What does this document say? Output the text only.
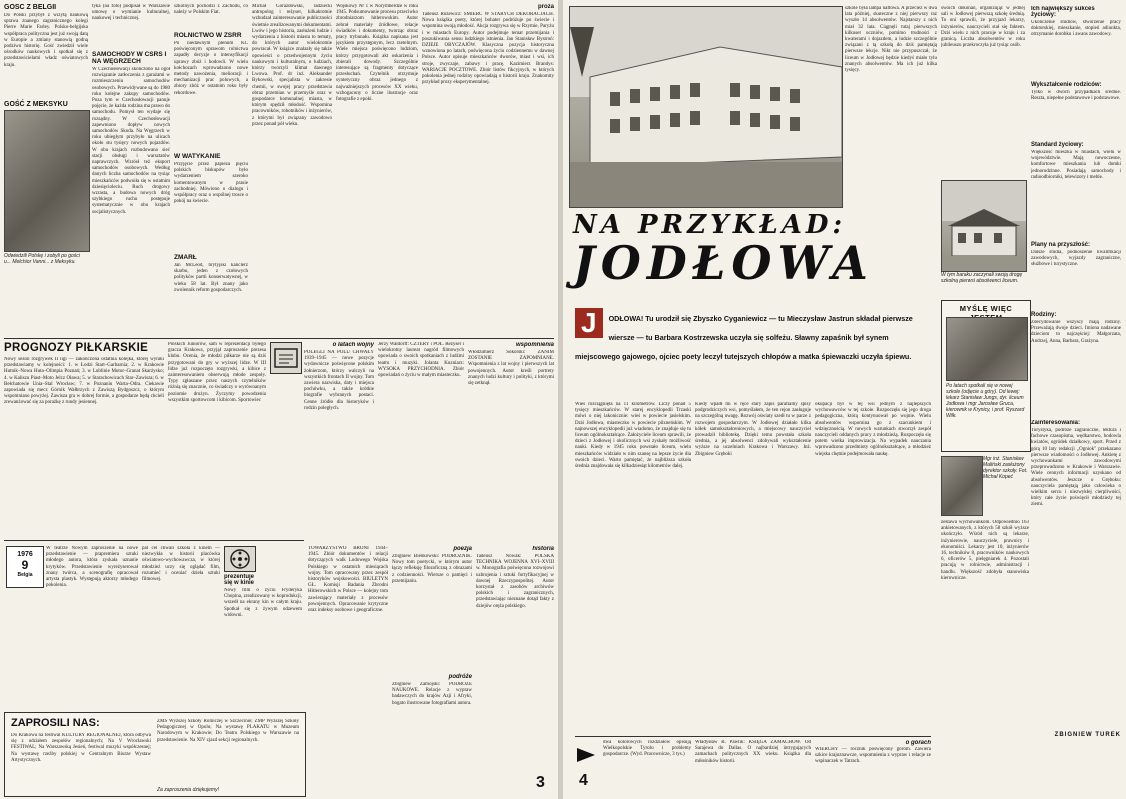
GOŚĆ Z BELGII
Do Polski przybył z wizytą naukową sprawa znanego zagranicznego kolegi Pierre Marie Farley. Polsko-belgijska współpraca polityczna jest już swoją datą w Europie a zmiany stanowią godną podziwu historię. Gość zwiedził wiele ośrodków naukowych i spotkał się z przedstawicielami władz oświatowych kraju.
GOŚĆ Z MEKSYKU
Odwiedzili Polskę i zobyli po gości u... Melchior Vanni... z Meksyku.
tyka (na foto) podpisał w Warszawie umowę o wymianie kulturalnej, naukowej i technicznej.
SAMOCHODY W CSRS I NA WĘGRZECH
W Czechosłowacji skończono na ogół rozwiązanie zatłoczenia z garażami w rozmieszczeniu samochodów osobowych. Przewidywane są do 1980 roku kolejne zakupy samochodów. Poza tym w Czechosłowacji panuje pojęcie, że każda rodzina ma prawo do samochodu. Pomysł ten wydaje się rozsądny. W Czechosłowacji zapewniono dopływ nowych samochodów Skoda. Na Węgrzech w roku ubiegłym przybyło na ulicach około stu tysięcy nowych pojazdów. W obu krajach rozbudowano sieć stacji obsługi i warsztatów naprawczych. Wzrósł też eksport samochodów osobowych. Według danych liczba samochodów na tysiąc mieszkańców podwoiła się w ostatnim dziesięcioleciu. Ruch drogowy wzrasta, a budowa nowych dróg szybkiego ruchu postępuje systematycznie w obu krajach socjalistycznych.
szkolnych pochodzi z Zachodu, co należy w Polskim Fiat.
ROLNICTWO W ZSRR
Po niedawnym plenum KC poświęconym sprawom rolnictwa zapadły decyzje o intensyfikacji uprawy zbóż i hodowli. W wielu kołchozach wprowadzono nowe metody nawożenia, melioracji i mechanizacji prac polowych, a zbiory zbóż w ostatnim roku były rekordowe.
W WATYKANIE
Przyjęcie przez papieża pięciu polskich biskupów było wydarzeniem szeroko komentowanym w prasie zachodniej. Mówiono o dialogu i współpracy oraz o wspólnej trosce o pokój na świecie.
ZMARŁ
Jan McLeod, brytyjski kanclerz skarbu, jeden z czołowych polityków partii konserwatywnej, w wieku 58 lat. Był znany jako zwolennik reform gospodarczych.
Michał Gorazdowski, radziecki antropolog i reżyser, kilkakrotnie wzbudzał zainteresowanie publiczności świetnie zrealizowanymi dokumentami. Lwów i jego historia, zasłużeni ludzie i wydarzenia z historii miasta to tematy, do których autor wielokrotnie powracał. W książce znalazły się także opowieści o przedwojennym życiu naukowym i kulturalnym, o ludziach, którzy tworzyli klimat dawnego Lwowa. Prof. dr inż. Aleksander Bykowski, specjalista w zakresie chemii, w swojej pracy przedstawia obraz przemian w przemyśle oraz w gospodarce komunalnej miasta, w którym spędził młodość. Wspomina pracowników, robotników i inżynierów, z którymi był związany zawodowo przez ponad pół wieku.
Wojskowy Nr 1 w Norymberdze w roku 1945. Podsumowanie procesu przeciwko zbrodniarzom hitlerowskim. Autor zebrał materiały źródłowe, relacje świadków i dokumenty, tworząc obraz pracy trybunału. Książka napisana jest językiem przystępnym, lecz rzetelnym. Wiele miejsca poświęcono ludziom, którzy przygotowali akt oskarżenia i zbierali dowody. Szczególnie interesujące są fragmenty dotyczące przesłuchań. Czytelnik otrzymuje syntetyczny obraz jednego z najważniejszych procesów XX wieku, wzbogacony o liczne ilustracje oraz fotografie z epoki.
proza
Tadeusz Różewicz: ŚMIERĆ W STARYCH DEKORACJACH. Nowa książka poety, której bohater podróżuje po świecie i wspomina swoją młodość. Akcja rozgrywa się w Rzymie, Paryżu i w miastach Europy. Autor podejmuje temat przemijania i poszukiwania sensu ludzkiego istnienia. Jan Stanisław Bystroń: DZIEJE OBYCZAJÓW. Klasyczna pozycja historyczna wznowiona po latach, poświęcona życiu codziennemu w dawnej Polsce. Autor opisuje mieszkańców dworów, miast i wsi, ich stroje, zwyczaje, zabawy i pracę. Kazimierz Brandys: WARIACJE POCZTOWE. Zbiór listów fikcyjnych, w których pokolenia jednej rodziny opowiadają o historii kraju. Znakomity przykład prozy eksperymentalnej.
PROGNOZY PIŁKARSKIE
Nowy sezon rozgrywek II ligi — zakończona ostatnia kolejka, której wyniki przedstawiamy w kolejności: 1. w Łodzi Start–Garbarnia; 2. w Krakowie Hutnik–Nowa Huta–Olimpia Poznań; 3. w Lublinie Motor–Granat Skarżysko; 4. w Kaliszu Piast–Moto Jelcz Oława; 5. w Starachowicach Star–Zawisza; 6. w Bełchatowie Unia–Stal Wrocław; 7. w Poznaniu Warta–Odra. Ciekawie zapowiada się mecz Górnik Wałbrzych z Zawiszą Bydgoszcz, o którym wspomniano powyżej. Zawisza gra w dobrej formie, a gospodarze będą chcieli zrewanżować się za porażkę z rundy jesiennej.
Polskich Juniorów, sam w reprezentacji byłego gracza Krakowa, przyjął zaproszenie prezesa klubu. Ocenia, że młodzi piłkarze nie są dziś przygotowani do gry w wyższej lidze. W III lidze już rozpoczęto rozgrywki, a kibice z zainteresowaniem obserwują młode zespoły. Typy zgłaszane przez naszych czytelników różnią się znacznie, co świadczy o wyrównanym poziomie drużyn. Życzymy powodzenia wszystkim sportowcom i kibicom. Sportowiec
o latach wojny
POLEGLI NA POLU CHWAŁY 1939–1945 — nowe pozycje wydawnicze poświęcone polskim żołnierzom, którzy walczyli na wszystkich frontach II wojny. Tom zawiera nazwiska, daty i miejsca pochówku, a także krótkie biografie wybranych postaci. Cenne źródło dla historyków i rodzin poległych.
Jerzy Waldorff: CZTERY i POŁ. Reżyser i wielokrotny laureat nagród filmowych opowiada o swoich spotkaniach z ludźmi teatru i muzyki. Jolanta Kuzniarz: WYSOKA PRZYCHODNIA. Zbiór opowiadań o życiu w małym miasteczku.
wspomnienia
Włodzimierz Sokorski: ZANIM ZOSTANIE ZAPOMNIANE. Wspomnienia z lat wojny i pierwszych lat powojennych. Autor kreśli portrety znanych ludzi kultury i polityki, z którymi się zetknął.
1976
9
Belgia
W teatrze Nowym zaproszenie na nowe przedstawienie — prapremiera sztuki młodego autora, która zyskała uznanie krytyków. Przedstawienie wyreżyserował znany twórca, a scenografię opracował artysta plastyk. Występują aktorzy młodego pokolenia.
pal cel chwali szkoła z kinem — niezwykła w historii placówka oświatowo-wychowawcza, w której młodzież uczy się oglądać film, rozumieć i oceniać dzieła sztuki filmowej.	prezentuje
się w kinie
Nowy film o życiu Fryderyka Chopina, zrealizowany w koprodukcji, wszedł na ekrany kin w całym kraju. Spotkał się z żywym odzewem widowni.
ZAPROSILI NAS:
Do Krakowa na festiwal KULTURY REGIONALNEJ, która odbywa się z udziałem zespołów regionalnych; Na V Wrocławski FESTIWAL; Na Warszawską Jesień, festiwal muzyki współczesnej; Na wystawę rzeźby polskiej w Centralnym Biurze Wystaw Artystycznych.
ZMS Wyższej Szkoły Rolniczej w Szczecinie; ZMP Wyższej Szkoły Pedagogicznej w Opolu; Na wystawę PLAKATU w Muzeum Narodowym w Krakowie; Do Teatru Polskiego w Warszawie na przedstawienie. Na XIV zjazd sekcji regionalnych.
Za zaproszenia dziękujemy!
TOWARZYSTWO BRONI 1944–1945. Zbiór dokumentów i relacji dotyczących walk Ludowego Wojska Polskiego w ostatnich miesiącach wojny. Tom opracowany przez zespół historyków wojskowości. BIULETYN GŁ. Komisji Badania Zbrodni Hitlerowskich w Polsce — kolejny tom zawierający materiały z procesów powojennych. Opracowanie krytyczne oraz indeksy osobowe i geograficzne.
poezja
Zbigniew Bieńkowski: PODRÓŻNIK. Nowy tom poetycki, w którym autor łączy refleksję filozoficzną z obrazami z codzienności. Wiersze o pamięci i przemijaniu.
podróże
Zbigniew Zamojski: PODRÓŻE NAUKOWE. Relacje z wypraw badawczych do krajów Azji i Afryki, bogato ilustrowane fotografiami autora.
historia
Tadeusz Nowak: POLSKA TECHNIKA WOJENNA XVI–XVIII w. Monografia poświęcona rozwojowi uzbrojenia i sztuki fortyfikacyjnej w dawnej Rzeczypospolitej. Autor korzystał z zasobów archiwów polskich i zagranicznych, przedstawiając nieznane dotąd fakty z dziejów oręża polskiego.
3
NA PRZYKŁAD:
JODŁOWA
szkole była lampa naftowa. A przecież w dwa lata później, skuteczne z niej pierwszy raz wyszło 14 absolwentów. Najstarszy z nich miał 32 lata. Ciągnęli tutaj pierwszych kilkuset uczniów, pomimo trudności z kwaterami i dojazdem, a ludzie szczególnie związani z tą szkołą do dziś pamiętają pierwsze lekcje. Nikt nie przypuszczał, że liceum w Jodłowej będzie kiedyś miało tylu znanych absolwentów. Ma ich już kilka tysięcy.
swoich dokonań, organizując w jednej sali w Jodłowej pierwszą szkołę średnią. To oni sprawili, że przyjazd lekarzy, inżynierów, nauczycieli stał się faktem. Dziś wielu z nich pracuje w kraju i za granicą. Liczba absolwentów w roku jubileuszu przekroczyła już tysiąc osób.
W tym baraku zaczynali swoją drogę szkolną pierwsi absolwenci liceum.
Ich największy sukces życiowy:
Ukończenie studiów, stworzenie pracy doktorskiej, mieszkanie, stopień adiunkta, otrzymanie dorobku i awans zawodowy.
Wykształcenie rodziców:
Tylko w dwóch przypadkach średnie. Reszta, niepełne podstawowe i podstawowe.
Standard życiowy:
Większość mieszka w miastach, wielu w województwie. Mają nowoczesne, komfortowe mieszkania lub domki jednorodzinne. Posiadają samochody i radioodbiorniki, telewizory i meble.
Plany na przyszłość:
Dalsze studia, podnoszenie kwalifikacji zawodowych, wyjazdy zagraniczne, służbowe i turystyczne.
Rodziny:
Zdecydowanie wszyscy mają rodziny. Przeważają dwoje dzieci. Imiona nadawane dzieciom to najczęściej: Małgorzata, Andrzej, Anna, Barbara, Grażyna.
J	ODŁOWA! Tu urodził się Zbyszko Cyganiewicz — tu Mieczysław Jastrun składał pierwsze wiersze — tu Barbara Kostrzewska uczyła się solfeżu. Sławny zapaśnik był synem miejscowego gajowego, ojciec poety leczył tutejszych chłopów a matka śpiewaczki uczyła śpiewu.
Wieś rozciągnięta na 11 kilometrów. Liczy ponad 5 tysięcy mieszkańców. W starej encyklopedii Trzaski mówi o niej lakonicznie: wieś w powiecie jasielskim. Dziś Jodłowa, miasteczko w powiecie pilzneńskim. W najnowszej encyklopedii już wiadomo, że znajduje się tu liceum ogólnokształcące. Założyciele liceum sprawili, że dzieci z Jodłowej i okolicznych wsi zyskały możliwość nauki. Kiedy w 1945 roku powstało liceum, wielu mieszkańców widziało w nim szansę na lepsze życie dla swoich dzieci. Warto pamiętać, że najbliższa szkoła średnia znajdowała się kilkadziesiąt kilometrów dalej.
Kiedy wpadł mi w ręce stary zapis parafialny spisy podgrodziczych wsi, pomyślałem, że ten rejon zasługuje na szczególną uwagę. Rozwój oświaty szedł tu w parze z rozwojem gospodarczym. W Jodłowej działało kilka kółek samokształceniowych, a miejscowy nauczyciel prowadził bibliotekę. Dzięki temu powstała szkoła średnia, a jej absolwenci zdobywali wykształcenie wyższe na uczelniach Krakowa i Warszawy. Inż. Zbigniew Gręboki
okupacji był w tej wsi jednym z najlepszych wychowawców w tej szkole. Rozpoczęła się jego droga pedagogiczna, którą kontynuował po wojnie. Wielu absolwentów wspomina go z szacunkiem i wdzięcznością. W nowych warunkach stworzył zespół nauczycieli oddanych pracy z młodzieżą. Rozpoczęła się potem wielka improwizacja. Na wypadek nauczania wprowadzono przedmioty ogólnokształcące, a młodzież wiejska chętnie podejmowała naukę.
MYŚLĘ WIĘC
Po latach spotkali się w nowej szkole (odjęcie u góry). Od lewej: lekarz Stanisław Jungs, dyr. liceum Jodłowa i mgr Jarosław Gruca, kierownik w Krynicy, i prof. Ryszard Wilk.
Mgr inż. Stanisław Maliński zasłużony dyrektor szkoły. Fot. Michał Kopeć
zestawu wychowankom. Odpowiednio 163 ankietowanych, z których 58 szkół wyższe ukończyło. Wśród nich są lekarze, inżynierowie, nauczyciele, prawnicy i ekonomiści. Lekarzy jest 10, inżynierów 16, techników 8, pracowników naukowych 6, oficerów 5, pielęgniarek 4. Pozostali pracują w rolnictwie, administracji i handlu. Większość zdobyła stanowiska kierownicze.
Zainteresowania:
Turystyka, podróże zagraniczne, lektura i fachowe czasopisma, wędkarstwo, hodowla kwiatów, ogródek działkowy, sport. Przed z górą 10 laty redakcji „Ogniok" przekazano pierwsze wiadomości o Jodłowej. Ankietę z wychowankami zawodowymi przeprowadzono w Krakowie i Warszawie. Wiele cennych informacji uzyskano od absolwentów. Jeszcze o Gręboku: nauczyciela pamiętają jako człowieka o wielkim sercu i niezwykłej cierpliwości, który całe życie poświęcił młodzieży tej ziemi.
ZBIGNIEW TUREK
dwa kolorowych rozdziałów opisują Wielkopolskie Tyrolu i problemy gospodarcze. (Wyd. Pracownicze, 3 tys.)
Władysław B. Pawlik: KSIĘGA ZAMACHÓW. Od Sarajewa do Dallas. O najbardziej intrygujących zamachach politycznych XX wieku. Książka dla miłośników historii.
o górach
WIERCHY — rocznik poświęcony górom. Zawiera szkice krajoznawcze, wspomnienia z wypraw i relacje ze wspinaczek w Tatrach.
4
